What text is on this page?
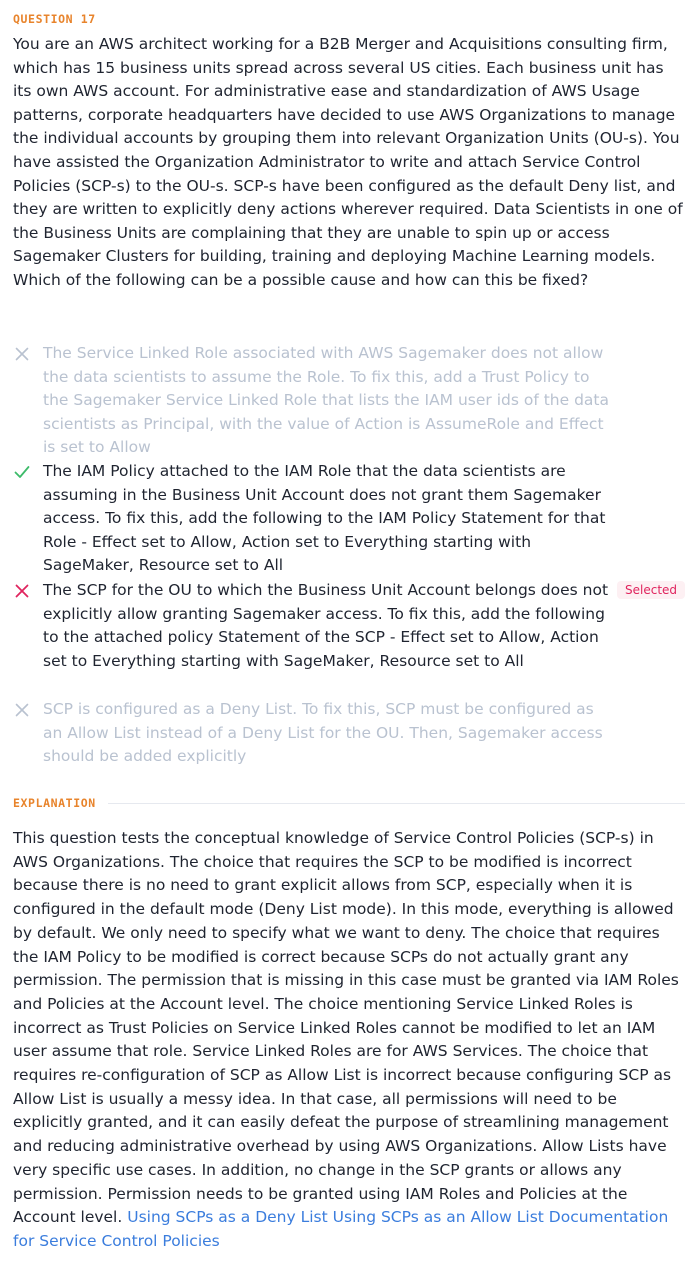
QUESTION 17

You are an AWS architect working for a B2B Merger and Acquisitions consulting firm, which has 15 business units spread across several US cities. Each business unit has its own AWS account. For administrative ease and standardization of AWS Usage patterns, corporate headquarters have decided to use AWS Organizations to manage the individual accounts by grouping them into relevant Organization Units (OU-s). You have assisted the Organization Administrator to write and attach Service Control Policies (SCP-s) to the OU-s. SCP-s have been configured as the default Deny list, and they are written to explicitly deny actions wherever required. Data Scientists in one of the Business Units are complaining that they are unable to spin up or access Sagemaker Clusters for building, training and deploying Machine Learning models. Which of the following can be a possible cause and how can this be fixed?

The Service Linked Role associated with AWS Sagemaker does not allow the data scientists to assume the Role. To fix this, add a Trust Policy to the Sagemaker Service Linked Role that lists the IAM user ids of the data scientists as Principal, with the value of Action is AssumeRole and Effect is set to Allow

The IAM Policy attached to the IAM Role that the data scientists are assuming in the Business Unit Account does not grant them Sagemaker access. To fix this, add the following to the IAM Policy Statement for that Role - Effect set to Allow, Action set to Everything starting with SageMaker, Resource set to All

The SCP for the OU to which the Business Unit Account belongs does not explicitly allow granting Sagemaker access. To fix this, add the following to the attached policy Statement of the SCP - Effect set to Allow, Action set to Everything starting with SageMaker, Resource set to All

Selected

SCP is configured as a Deny List. To fix this, SCP must be configured as an Allow List instead of a Deny List for the OU. Then, Sagemaker access should be added explicitly

EXPLANATION

This question tests the conceptual knowledge of Service Control Policies (SCP-s) in AWS Organizations. The choice that requires the SCP to be modified is incorrect because there is no need to grant explicit allows from SCP, especially when it is configured in the default mode (Deny List mode). In this mode, everything is allowed by default. We only need to specify what we want to deny. The choice that requires the IAM Policy to be modified is correct because SCPs do not actually grant any permission. The permission that is missing in this case must be granted via IAM Roles and Policies at the Account level. The choice mentioning Service Linked Roles is incorrect as Trust Policies on Service Linked Roles cannot be modified to let an IAM user assume that role. Service Linked Roles are for AWS Services. The choice that requires re-configuration of SCP as Allow List is incorrect because configuring SCP as Allow List is usually a messy idea. In that case, all permissions will need to be explicitly granted, and it can easily defeat the purpose of streamlining management and reducing administrative overhead by using AWS Organizations. Allow Lists have very specific use cases. In addition, no change in the SCP grants or allows any permission. Permission needs to be granted using IAM Roles and Policies at the Account level. Using SCPs as a Deny List Using SCPs as an Allow List Documentation for Service Control Policies
